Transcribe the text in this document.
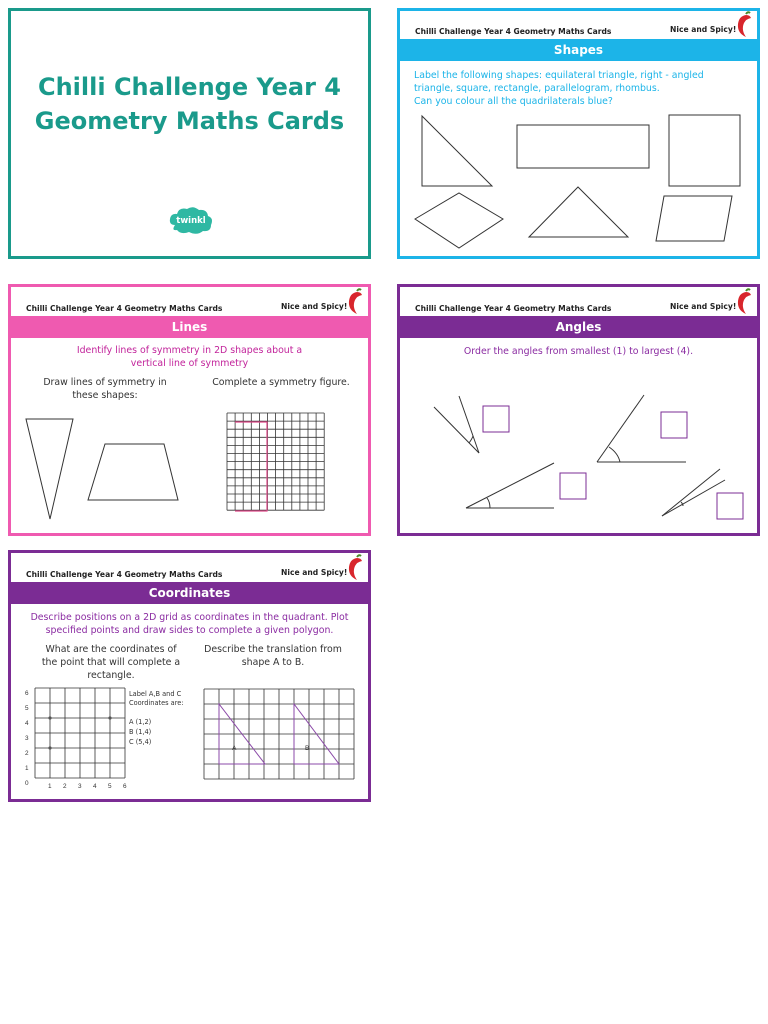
Chilli Challenge Year 4
Geometry Maths Cards
twinkl
Chilli Challenge Year 4 Geometry Maths Cards	Nice and Spicy!
Shapes
Label the following shapes: equilateral triangle, right - angled
triangle, square, rectangle, parallelogram, rhombus.
Can you colour all the quadrilaterals blue?
Chilli Challenge Year 4 Geometry Maths Cards	Nice and Spicy!
Lines
Identify lines of symmetry in 2D shapes about a
vertical line of symmetry
Draw lines of symmetry in
these shapes:
Complete a symmetry figure.
Chilli Challenge Year 4 Geometry Maths Cards	Nice and Spicy!
Angles
Order the angles from smallest (1) to largest (4).
Chilli Challenge Year 4 Geometry Maths Cards	Nice and Spicy!
Coordinates
Describe positions on a 2D grid as coordinates in the quadrant. Plot
specified points and draw sides to complete a given polygon.
What are the coordinates of
the point that will complete a
rectangle.
Describe the translation from
shape A to B.
Label A,B and C
Coordinates are:
A (1,2)
B (1,4)
C (5,4)
0
1
2
3
4
5
6
1 2 3 4 5 6
A	B
